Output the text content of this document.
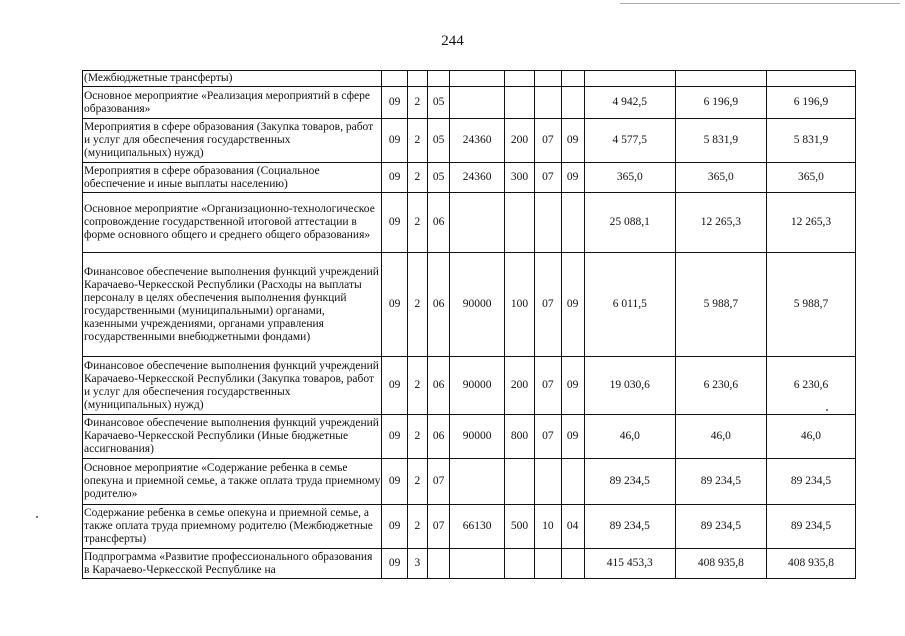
244
(Межбюджетные трансферты)										
Основное мероприятие «Реализация мероприятий в сфере образования»	09	2	05					4 942,5	6 196,9	6 196,9
Мероприятия в сфере образования (Закупка товаров, работ и услуг для обеспечения государственных (муниципальных) нужд)	09	2	05	24360	200	07	09	4 577,5	5 831,9	5 831,9
Мероприятия в сфере образования (Социальное обеспечение и иные выплаты населению)	09	2	05	24360	300	07	09	365,0	365,0	365,0
Основное мероприятие «Организационно-технологическое сопровождение государственной итоговой аттестации в форме основного общего и среднего общего образования»	09	2	06					25 088,1	12 265,3	12 265,3
Финансовое обеспечение выполнения функций учреждений Карачаево-Черкесской Республики (Расходы на выплаты персоналу в целях обеспечения выполнения функций государственными (муниципальными) органами, казенными учреждениями, органами управления государственными внебюджетными фондами)	09	2	06	90000	100	07	09	6 011,5	5 988,7	5 988,7
Финансовое обеспечение выполнения функций учреждений Карачаево-Черкесской Республики (Закупка товаров, работ и услуг для обеспечения государственных (муниципальных) нужд)	09	2	06	90000	200	07	09	19 030,6	6 230,6	6 230,6
Финансовое обеспечение выполнения функций учреждений Карачаево-Черкесской Республики (Иные бюджетные ассигнования)	09	2	06	90000	800	07	09	46,0	46,0	46,0
Основное мероприятие «Содержание ребенка в семье опекуна и приемной семье, а также оплата труда приемному родителю»	09	2	07					89 234,5	89 234,5	89 234,5
Содержание ребенка в семье опекуна и приемной семье, а также оплата труда приемному родителю (Межбюджетные трансферты)	09	2	07	66130	500	10	04	89 234,5	89 234,5	89 234,5
Подпрограмма «Развитие профессионального образования в Карачаево-Черкесской Республике на	09	3						415 453,3	408 935,8	408 935,8
